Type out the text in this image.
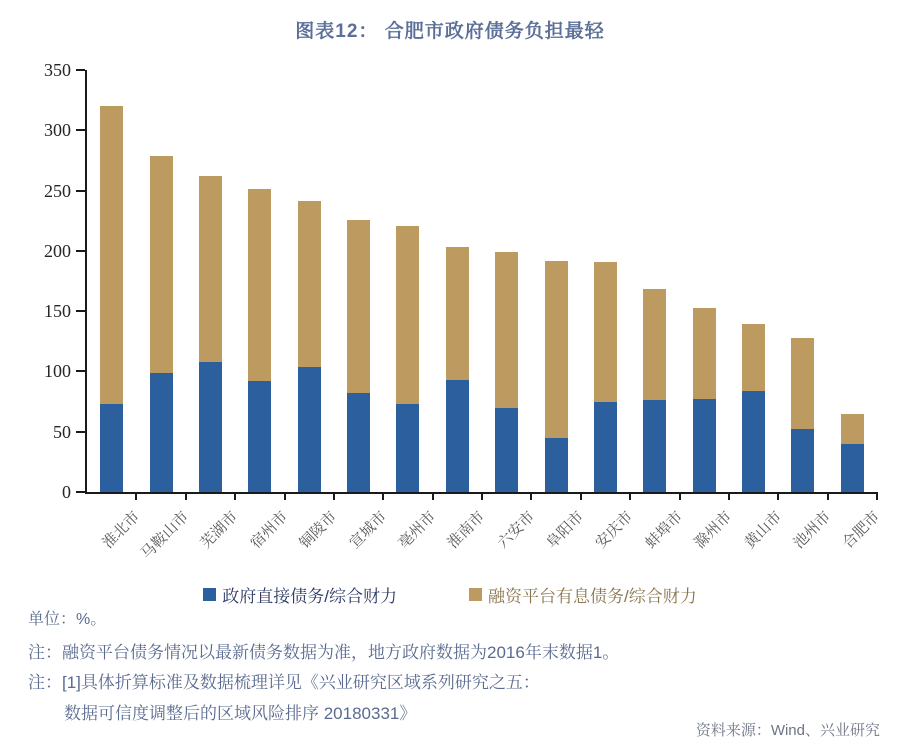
图表12： 合肥市政府债务负担最轻
0
50
100
150
200
250
300
350
淮北市
马鞍山市 芜湖市 宿州市 铜陵市 宣城市 亳州市 淮南市 六安市 阜阳市 安庆市 蚌埠市 滁州市 黄山市 池州市 合肥市
政府直接债务/综合财力	融资平台有息债务/综合财力
单位：%。
注：融资平台债务情况以最新债务数据为准，地方政府数据为2016年末数据1。
注：[1]具体折算标准及数据梳理详见《兴业研究区域系列研究之五：
数据可信度调整后的区域风险排序 20180331》
资料来源：Wind、兴业研究
